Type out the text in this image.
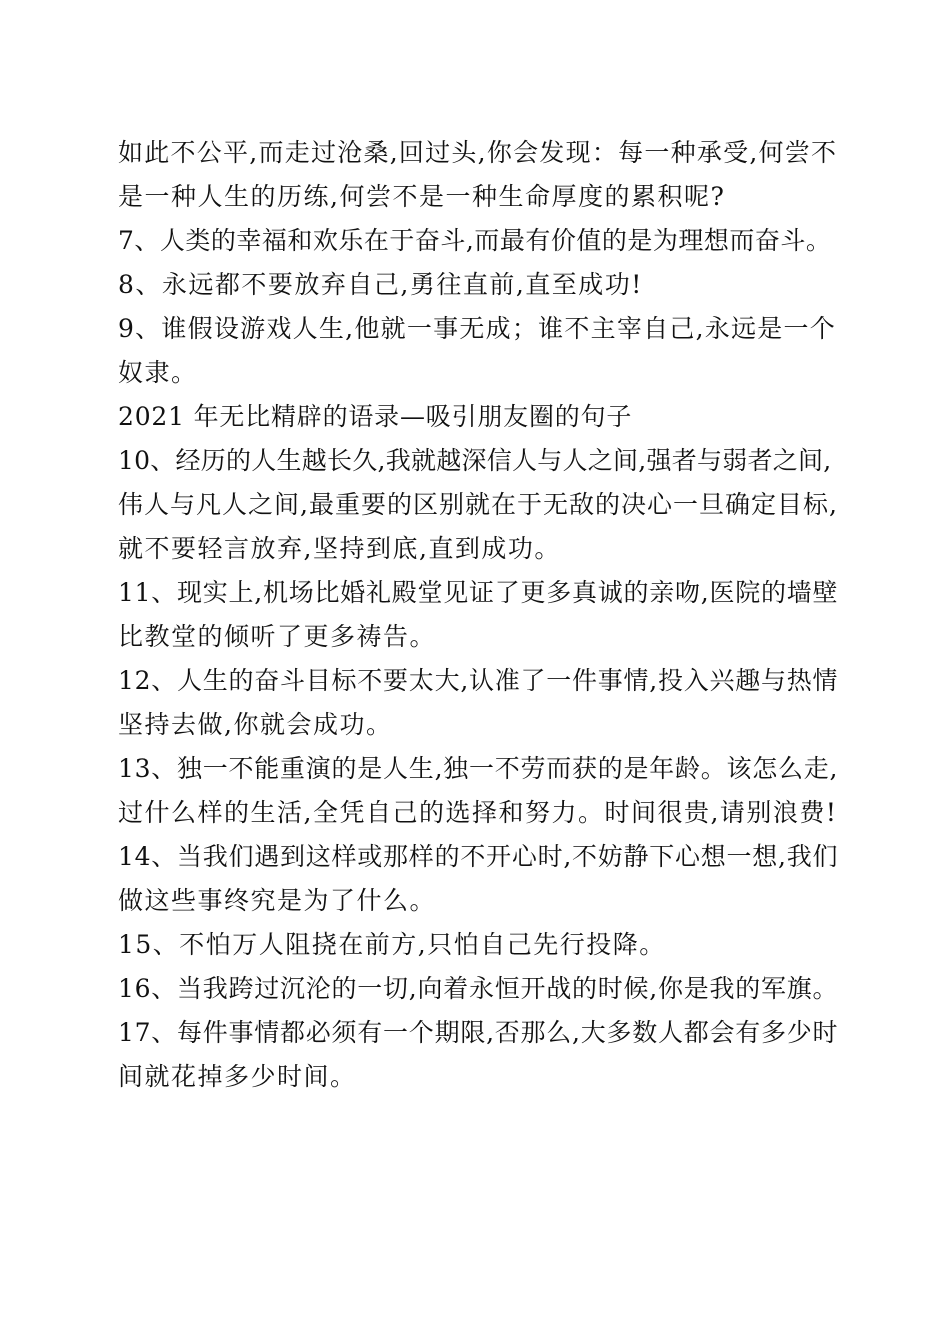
如此不公平,而走过沧桑,回过头,你会发现：每一种承受,何尝不
是一种人生的历练,何尝不是一种生命厚度的累积呢?
7、人类的幸福和欢乐在于奋斗,而最有价值的是为理想而奋斗。
8、永远都不要放弃自己,勇往直前,直至成功!
9、谁假设游戏人生,他就一事无成；谁不主宰自己,永远是一个
奴隶。
2021 年无比精辟的语录—吸引朋友圈的句子
10、经历的人生越长久,我就越深信人与人之间,强者与弱者之间,
伟人与凡人之间,最重要的区别就在于无敌的决心一旦确定目标,
就不要轻言放弃,坚持到底,直到成功。
11、现实上,机场比婚礼殿堂见证了更多真诚的亲吻,医院的墙壁
比教堂的倾听了更多祷告。
12、人生的奋斗目标不要太大,认准了一件事情,投入兴趣与热情
坚持去做,你就会成功。
13、独一不能重演的是人生,独一不劳而获的是年龄。该怎么走,
过什么样的生活,全凭自己的选择和努力。时间很贵,请别浪费!
14、当我们遇到这样或那样的不开心时,不妨静下心想一想,我们
做这些事终究是为了什么。
15、不怕万人阻挠在前方,只怕自己先行投降。
16、当我跨过沉沦的一切,向着永恒开战的时候,你是我的军旗。
17、每件事情都必须有一个期限,否那么,大多数人都会有多少时
间就花掉多少时间。
